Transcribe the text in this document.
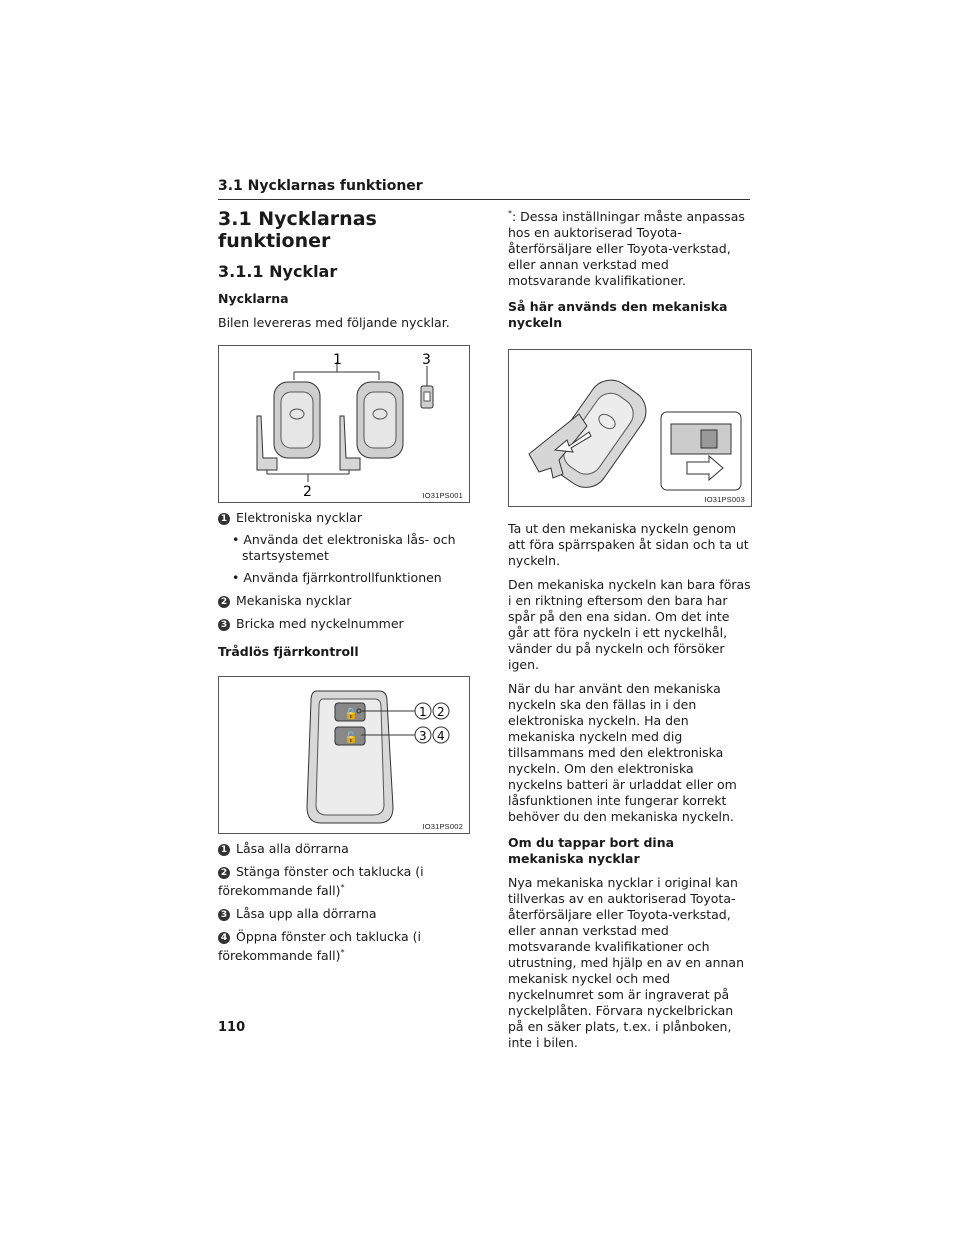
3.1 Nycklarnas funktioner
3.1 Nycklarnas funktioner
3.1.1 Nycklar
Nycklarna

Bilen levereras med följande nycklar.

1	3
2	IO31PS001
1 Elektroniska nycklar
• Använda det elektroniska lås- och startsystemet
• Använda fjärrkontrollfunktionen
2 Mekaniska nycklar
3 Bricka med nyckelnummer
Trådlös fjärrkontroll
🔒
🔓
1 2
3 4
IO31PS002
1 Låsa alla dörrarna
2 Stänga fönster och taklucka (i förekommande fall)*
3 Låsa upp alla dörrarna
4 Öppna fönster och taklucka (i förekommande fall)*

*: Dessa inställningar måste anpassas hos en auktoriserad Toyota-återförsäljare eller Toyota-verkstad, eller annan verkstad med motsvarande kvalifikationer.

Så här används den mekaniska nyckeln
IO31PS003

Ta ut den mekaniska nyckeln genom att föra spärrspaken åt sidan och ta ut nyckeln.

Den mekaniska nyckeln kan bara föras i en riktning eftersom den bara har spår på den ena sidan. Om det inte går att föra nyckeln i ett nyckelhål, vänder du på nyckeln och försöker igen.

När du har använt den mekaniska nyckeln ska den fällas in i den elektroniska nyckeln. Ha den mekaniska nyckeln med dig tillsammans med den elektroniska nyckeln. Om den elektroniska nyckelns batteri är urladdat eller om låsfunktionen inte fungerar korrekt behöver du den mekaniska nyckeln.

Om du tappar bort dina mekaniska nycklar

Nya mekaniska nycklar i original kan tillverkas av en auktoriserad Toyota-återförsäljare eller Toyota-verkstad, eller annan verkstad med motsvarande kvalifikationer och utrustning, med hjälp en av en annan mekanisk nyckel och med nyckelnumret som är ingraverat på nyckelplåten. Förvara nyckelbrickan på en säker plats, t.ex. i plånboken, inte i bilen.

110
